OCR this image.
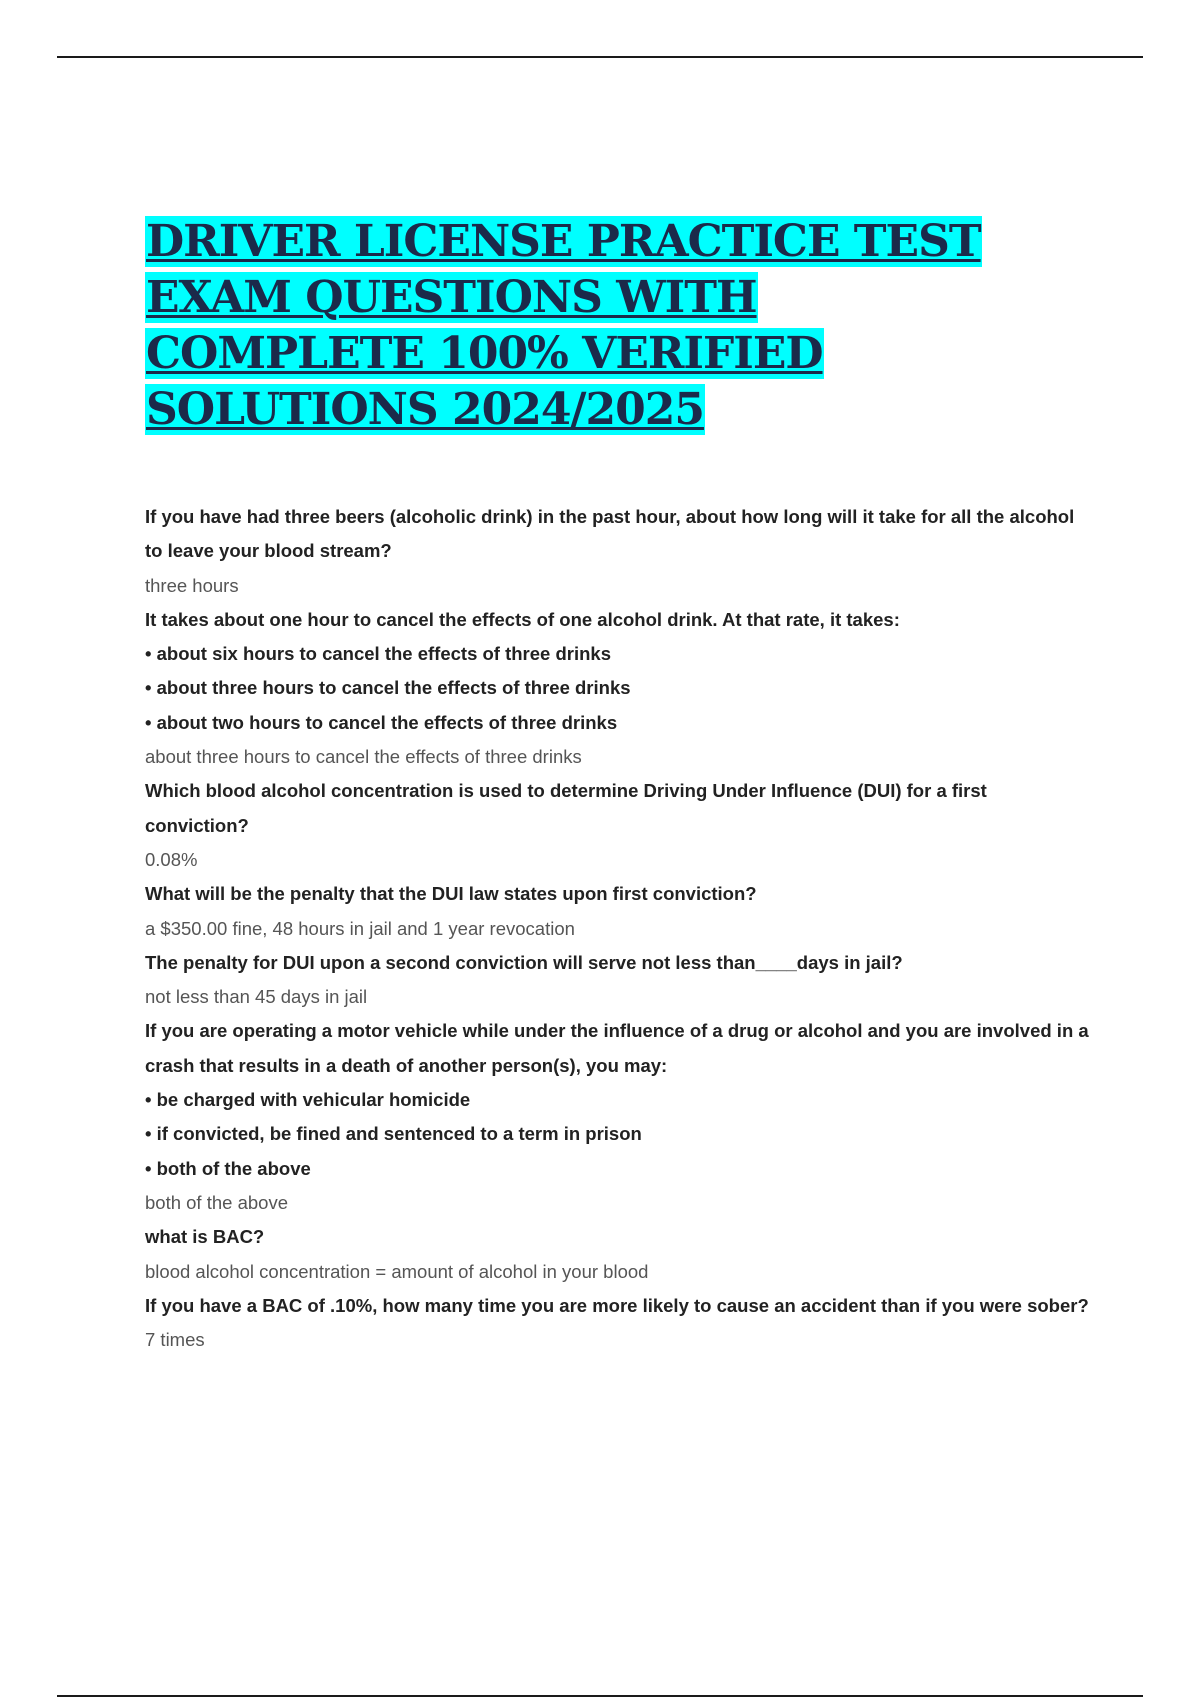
DRIVER LICENSE PRACTICE TEST
EXAM QUESTIONS WITH
COMPLETE 100% VERIFIED
SOLUTIONS 2024/2025

If you have had three beers (alcoholic drink) in the past hour, about how long will it take for all the alcohol to leave your blood stream?

three hours

It takes about one hour to cancel the effects of one alcohol drink. At that rate, it takes:

• about six hours to cancel the effects of three drinks

• about three hours to cancel the effects of three drinks

• about two hours to cancel the effects of three drinks

about three hours to cancel the effects of three drinks

Which blood alcohol concentration is used to determine Driving Under Influence (DUI) for a first conviction?

0.08%

What will be the penalty that the DUI law states upon first conviction?

a $350.00 fine, 48 hours in jail and 1 year revocation

The penalty for DUI upon a second conviction will serve not less than____days in jail?

not less than 45 days in jail

If you are operating a motor vehicle while under the influence of a drug or alcohol and you are involved in a crash that results in a death of another person(s), you may:

• be charged with vehicular homicide

• if convicted, be fined and sentenced to a term in prison

• both of the above

both of the above

what is BAC?

blood alcohol concentration = amount of alcohol in your blood

If you have a BAC of .10%, how many time you are more likely to cause an accident than if you were sober?

7 times
